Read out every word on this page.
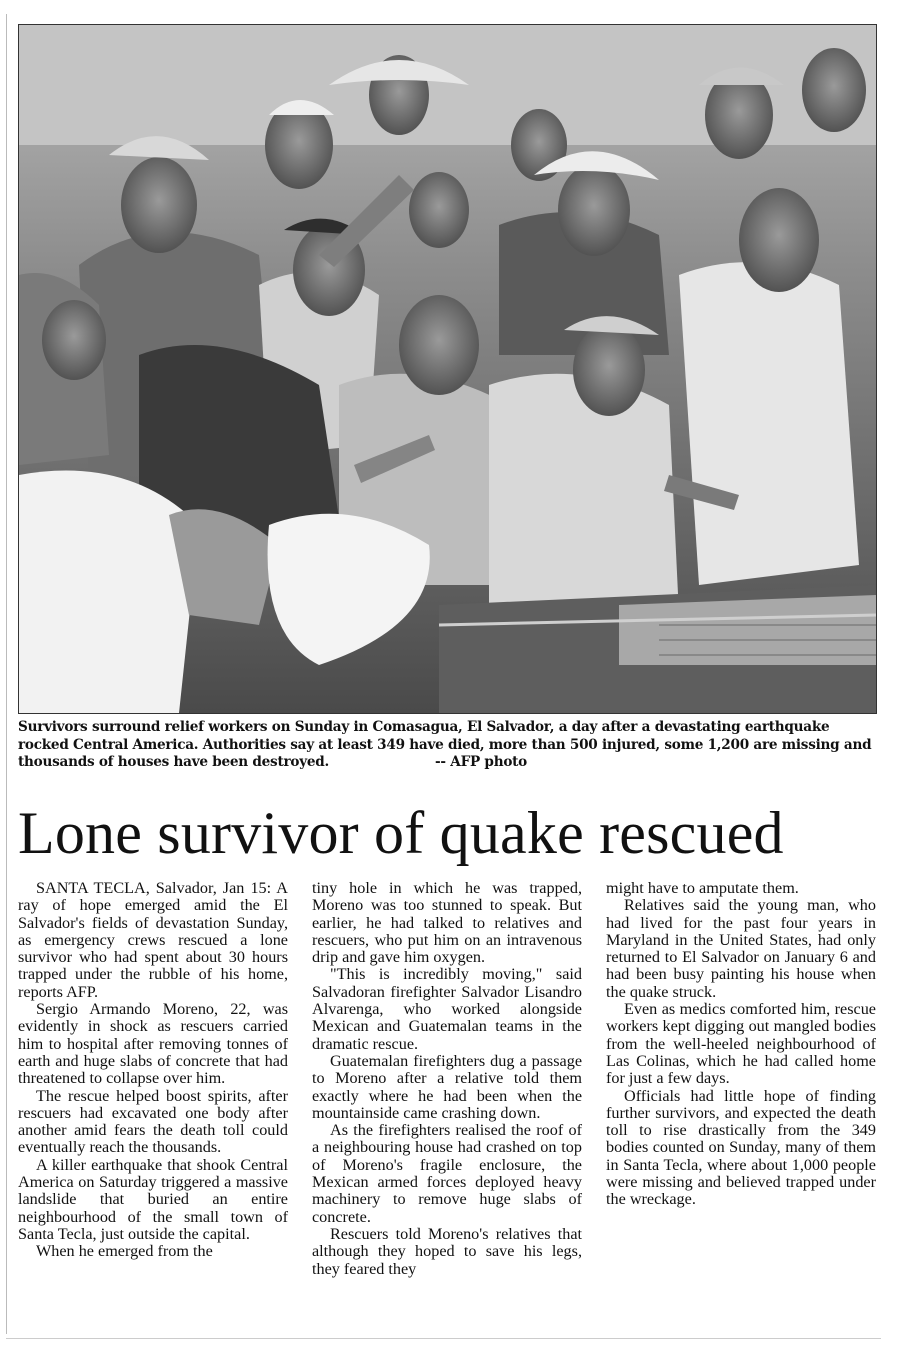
Survivors surround relief workers on Sunday in Comasagua, El Salvador, a day after a devastating earthquake rocked Central America. Authorities say at least 349 have died, more than 500 injured, some 1,200 are missing and thousands of houses have been destroyed.	-- AFP photo
Lone survivor of quake rescued

SANTA TECLA, Salvador, Jan 15: A ray of hope emerged amid the El Salvador's fields of devastation Sunday, as emergency crews rescued a lone survivor who had spent about 30 hours trapped under the rubble of his home, reports AFP.

Sergio Armando Moreno, 22, was evidently in shock as rescuers carried him to hospital after removing tonnes of earth and huge slabs of concrete that had threatened to collapse over him.

The rescue helped boost spirits, after rescuers had excavated one body after another amid fears the death toll could eventually reach the thousands.

A killer earthquake that shook Central America on Saturday triggered a massive landslide that buried an entire neighbourhood of the small town of Santa Tecla, just outside the capital.

When he emerged from the

tiny hole in which he was trapped, Moreno was too stunned to speak. But earlier, he had talked to relatives and rescuers, who put him on an intravenous drip and gave him oxygen.

"This is incredibly moving," said Salvadoran firefighter Salvador Lisandro Alvarenga, who worked alongside Mexican and Guatemalan teams in the dramatic rescue.

Guatemalan firefighters dug a passage to Moreno after a relative told them exactly where he had been when the mountainside came crashing down.

As the firefighters realised the roof of a neighbouring house had crashed on top of Moreno's fragile enclosure, the Mexican armed forces deployed heavy machinery to remove huge slabs of concrete.

Rescuers told Moreno's relatives that although they hoped to save his legs, they feared they

might have to amputate them.

Relatives said the young man, who had lived for the past four years in Maryland in the United States, had only returned to El Salvador on January 6 and had been busy painting his house when the quake struck.

Even as medics comforted him, rescue workers kept digging out mangled bodies from the well-heeled neighbourhood of Las Colinas, which he had called home for just a few days.

Officials had little hope of finding further survivors, and expected the death toll to rise drastically from the 349 bodies counted on Sunday, many of them in Santa Tecla, where about 1,000 people were missing and believed trapped under the wreckage.
